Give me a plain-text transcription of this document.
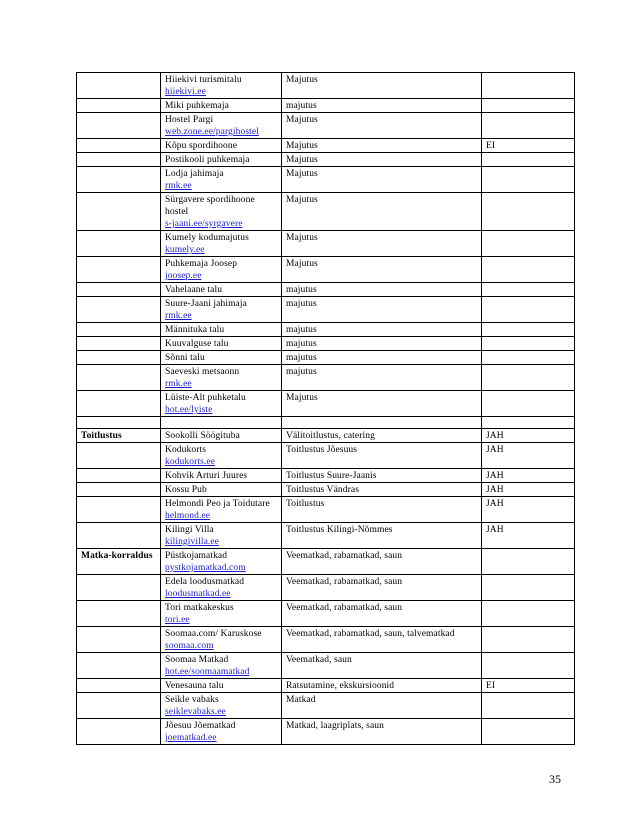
	Hiiekivi turismitalu
hiiekivi.ee	Majutus		

	Miki puhkemaja	majutus		

	Hostel Pargi
web.zone.ee/pargihostel	Majutus		

	Kõpu spordihoone	Majutus	EI	

	Postikooli puhkemaja	Majutus		

	Lodja jahimaja
rmk.ee	Majutus		

	Sürgavere spordihoone hostel
s-jaani.ee/syrgavere	Majutus		

	Kumely kodumajutus
kumely.ee	Majutus		

	Puhkemaja Joosep
joosep.ee	Majutus		

	Vahelaane talu	majutus		

	Suure-Jaani jahimaja
rmk.ee	majutus		

	Männituka talu	majutus		

	Kuuvalguse talu	majutus		

	Sõnni talu	majutus		

	Saeveski metsaonn
rmk.ee	majutus		

	Lüiste-Alt puhketalu
hot.ee/lyiste	Majutus		

Toitlustus	Sookolli Söögituba	Välitoitlustus, catering	JAH	

	Kodukorts
kodukorts.ee	Toitlustus Jõesuus	JAH	

	Kohvik Arturi Juures	Toitlustus Suure-Jaanis	JAH	

	Kossu Pub	Toitlustus Vändras	JAH	

	Helmondi Peo ja Toidutare
helmond.ee	Toitlustus	JAH	

	Kilingi Villa
kilingivilla.ee	Toitlustus Kilingi-Nõmmes	JAH	
Matka-korraldus	Püstkojamatkad
pystkojamatkad.com	Veematkad, rabamatkad, saun		

	Edela loodusmatkad
loodusmatkad.ee	Veematkad, rabamatkad, saun		

	Tori matkakeskus
tori.ee	Veematkad, rabamatkad, saun		

	Soomaa.com/ Karuskose
soomaa.com	Veematkad, rabamatkad, saun, talvematkad		

	Soomaa Matkad
hot.ee/soomaamatkad	Veematkad, saun		

	Venesauna talu	Ratsutamine, ekskursioonid	EI	

	Seikle vabaks
seiklevabaks.ee	Matkad		

	Jõesuu Jõematkad
joematkad.ee	Matkad, laagriplats, saun		
35
